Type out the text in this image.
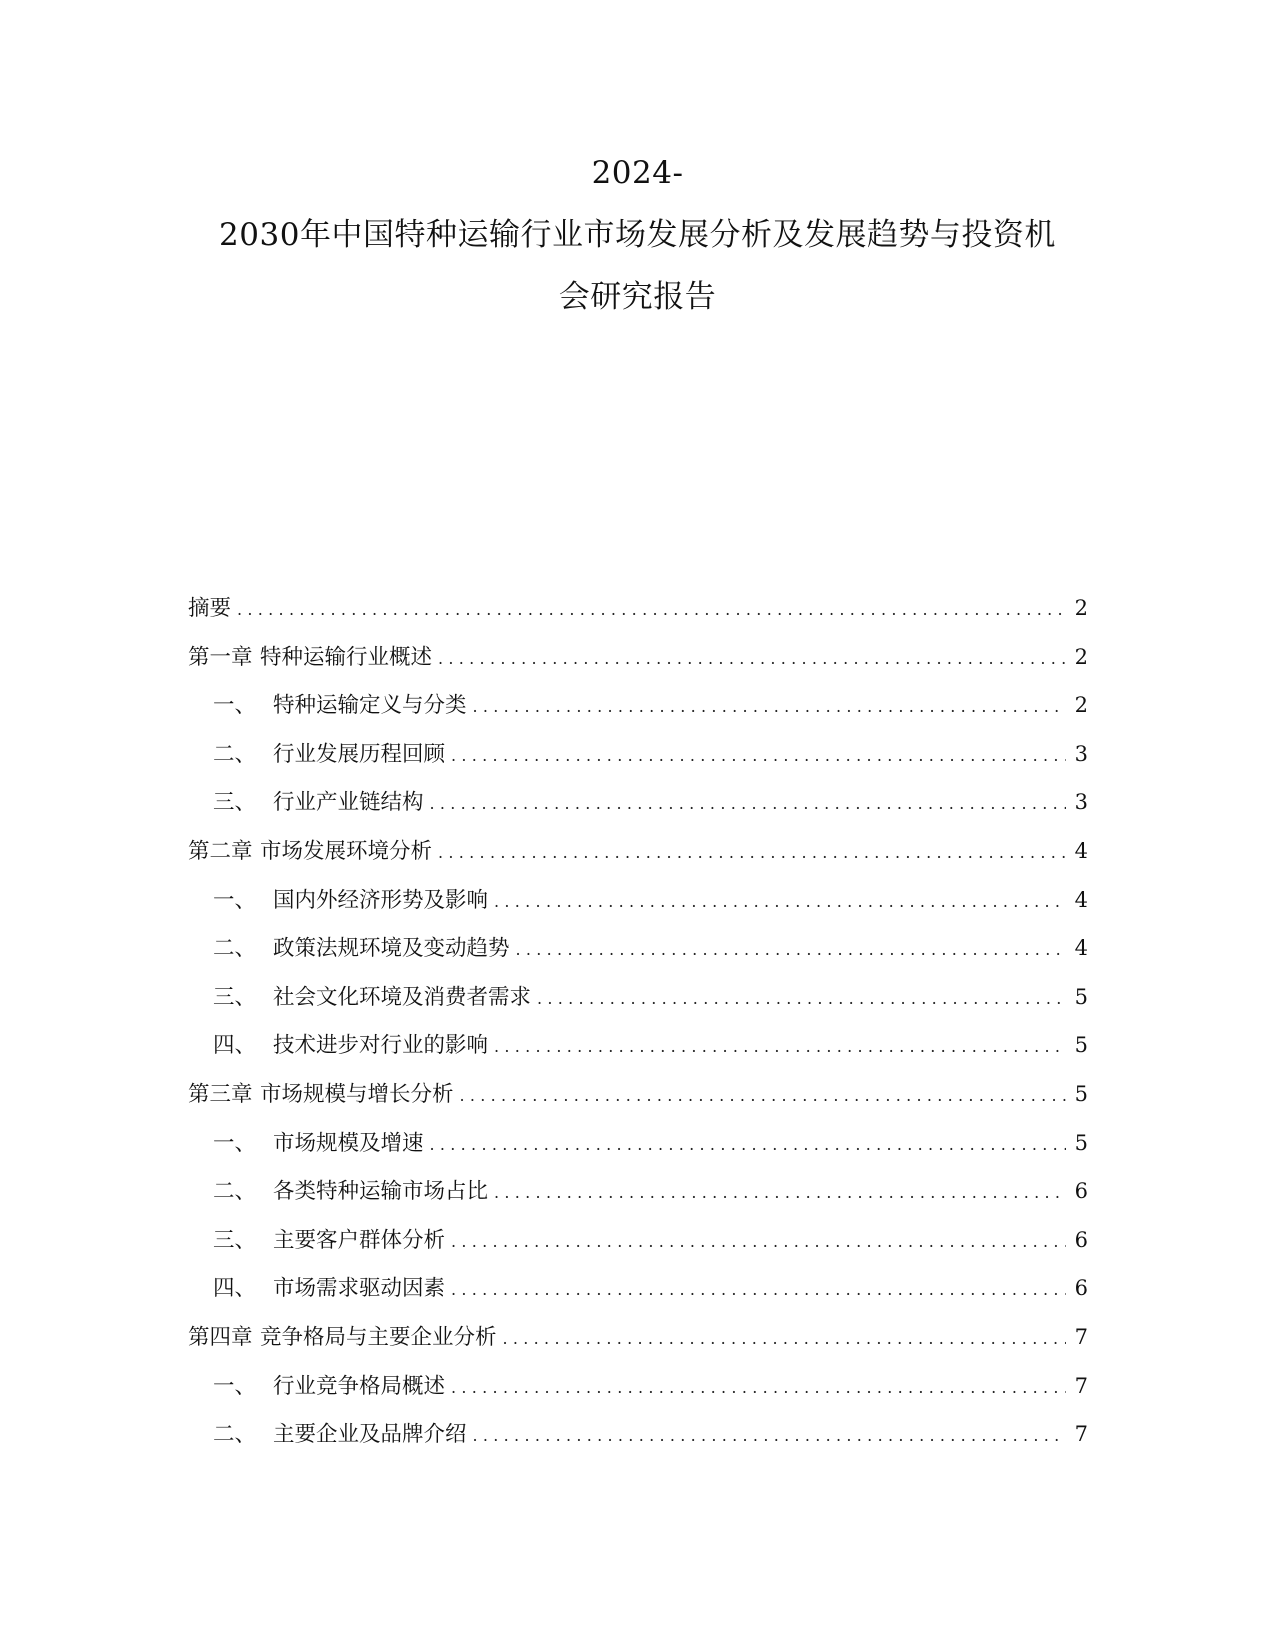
2024-
2030年中国特种运输行业市场发展分析及发展趋势与投资机
会研究报告
摘要 .....	2
第一章 特种运输行业概述 .....	2
一、 特种运输定义与分类 .....	2
二、 行业发展历程回顾 .....	3
三、 行业产业链结构 .....	3
第二章 市场发展环境分析 .....	4
一、 国内外经济形势及影响 .....	4
二、 政策法规环境及变动趋势 .....	4
三、 社会文化环境及消费者需求 .....	5
四、 技术进步对行业的影响 .....	5
第三章 市场规模与增长分析 .....	5
一、 市场规模及增速 .....	5
二、 各类特种运输市场占比 .....	6
三、 主要客户群体分析 .....	6
四、 市场需求驱动因素 .....	6
第四章 竞争格局与主要企业分析 .....	7
一、 行业竞争格局概述 .....	7
二、 主要企业及品牌介绍 .....	7
